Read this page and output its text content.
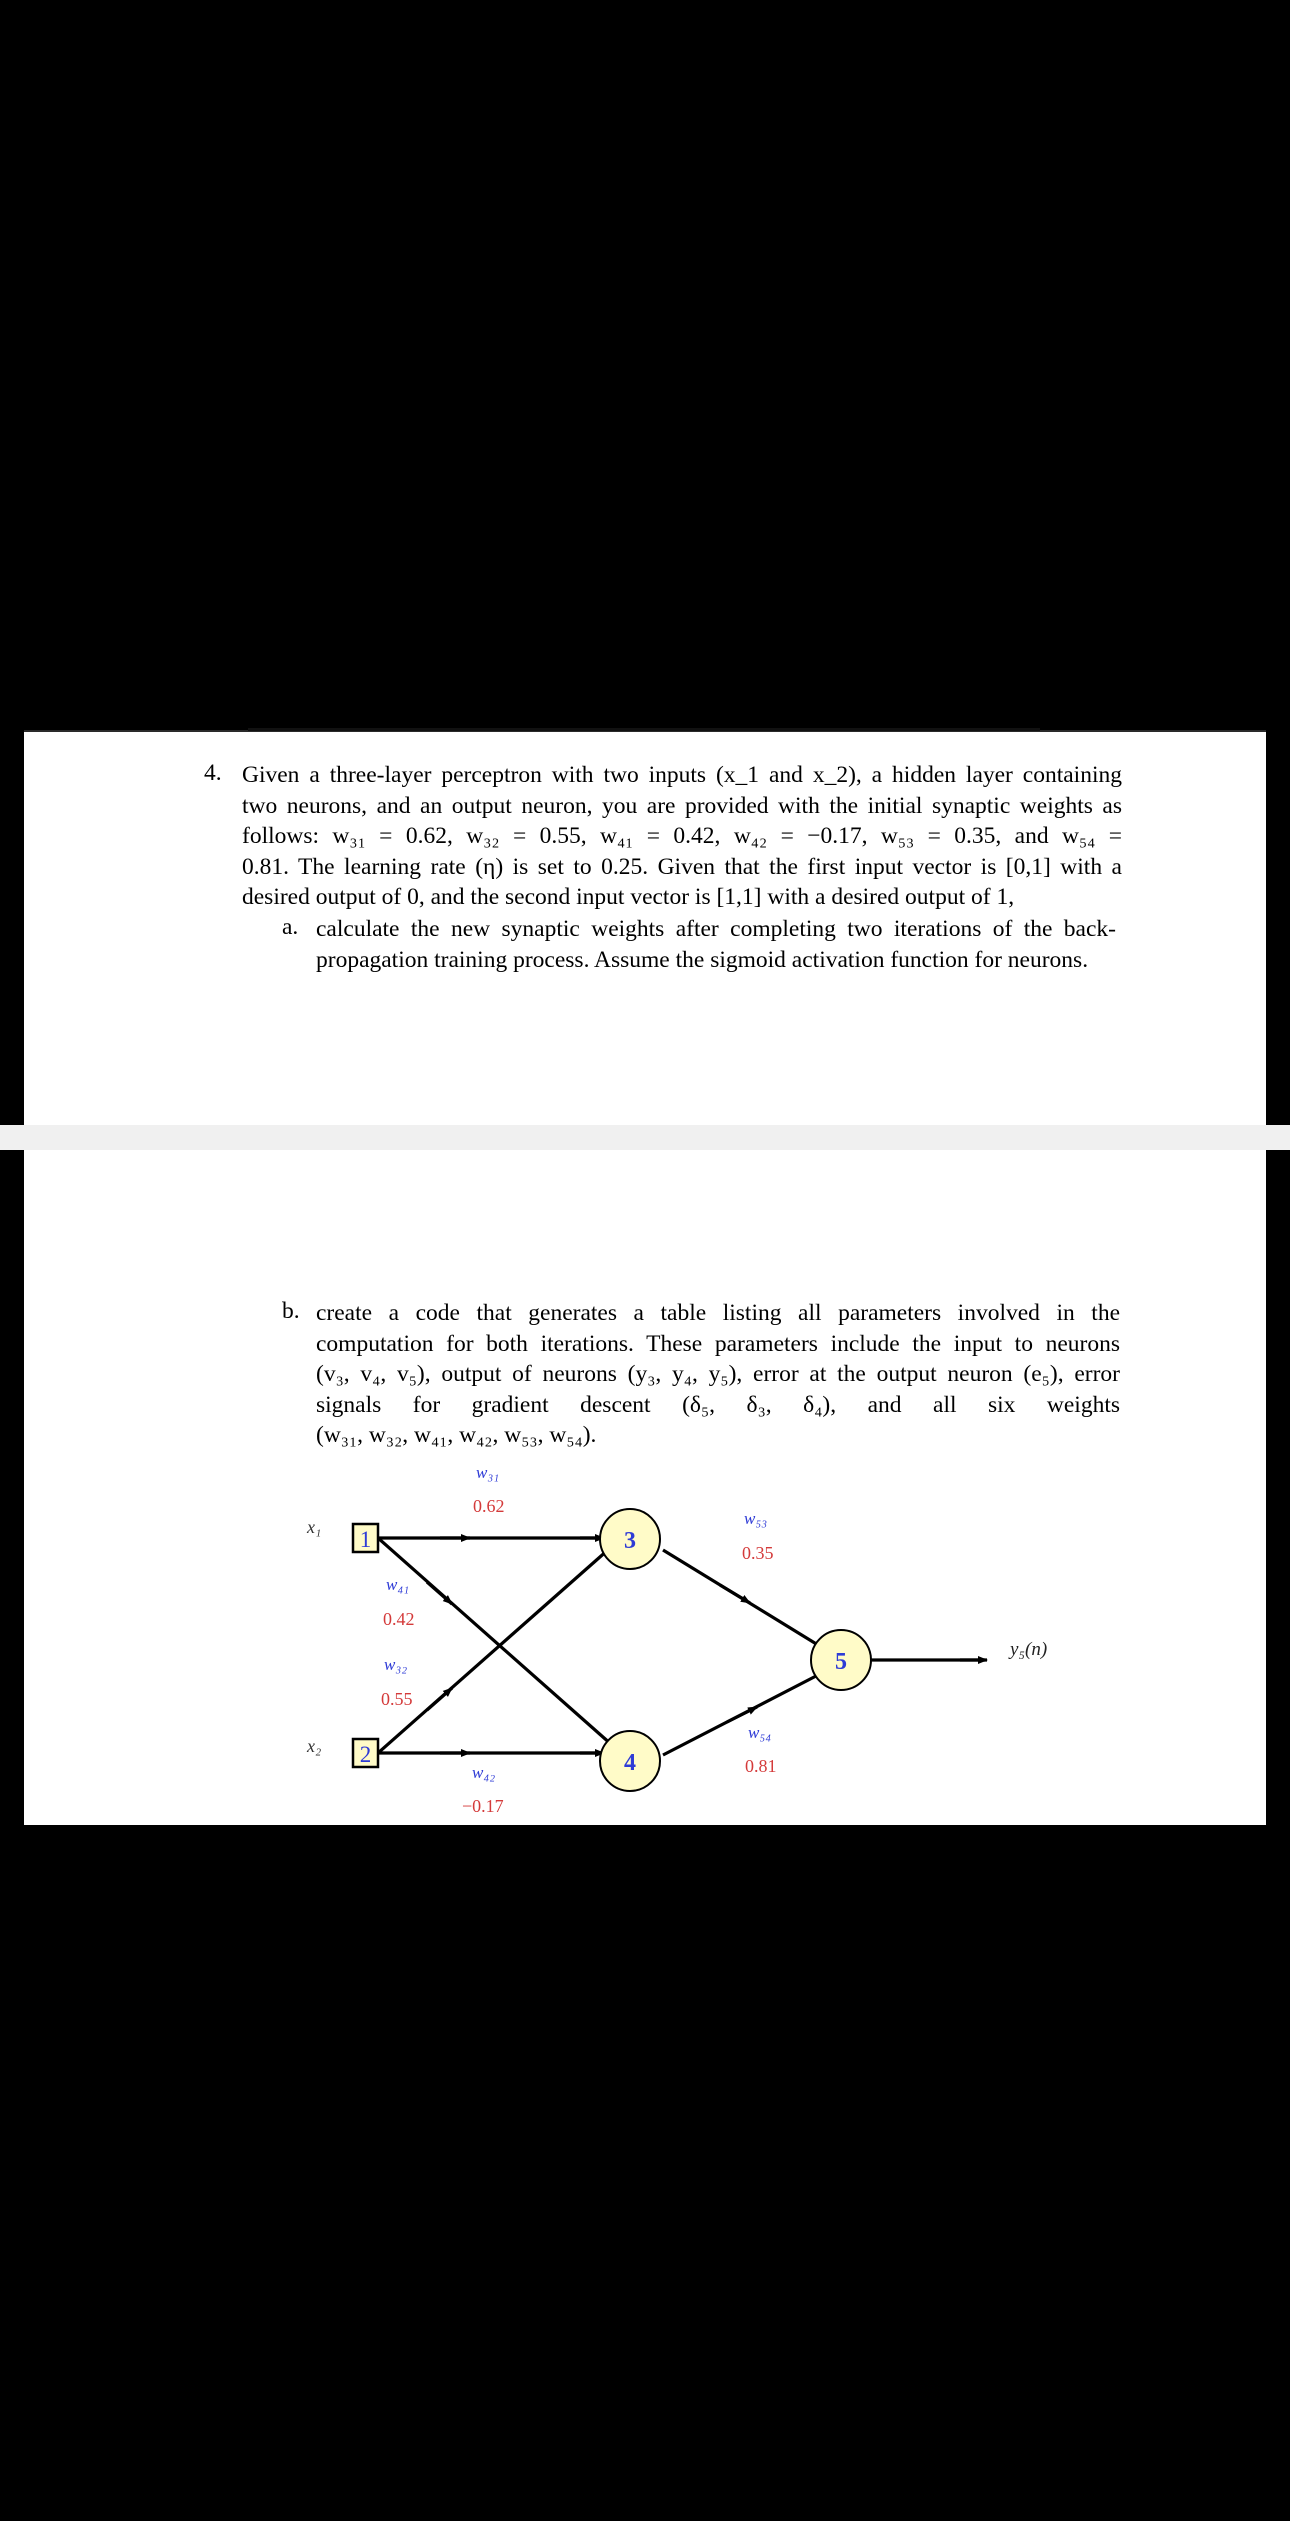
4. Given a three-layer perceptron with two inputs (x_1 and x_2), a hidden layer containing
two neurons, and an output neuron, you are provided with the initial synaptic weights as
follows: w₃₁ = 0.62, w₃₂ = 0.55, w₄₁ = 0.42, w₄₂ = −0.17, w₅₃ = 0.35, and w₅₄ =
0.81. The learning rate (η) is set to 0.25. Given that the first input vector is [0,1] with a
desired output of 0, and the second input vector is [1,1] with a desired output of 1,
a. calculate the new synaptic weights after completing two iterations of the back-
propagation training process. Assume the sigmoid activation function for neurons.
b. create a code that generates a table listing all parameters involved in the
computation for both iterations. These parameters include the input to neurons
(v₃, v₄, v₅), output of neurons (y₃, y₄, y₅), error at the output neuron (e₅), error
signals for gradient descent (δ₅, δ₃, δ₄), and all six weights
(w₃₁, w₃₂, w₄₁, w₄₂, w₅₃, w₅₄).
1
2
x₁
x₂
3
4
5	y₅(n)
w₃₁
0.62
w₄₁
0.42
w₃₂
0.55
w₄₂
−0.17
w₅₃
0.35
w₅₄
0.81
